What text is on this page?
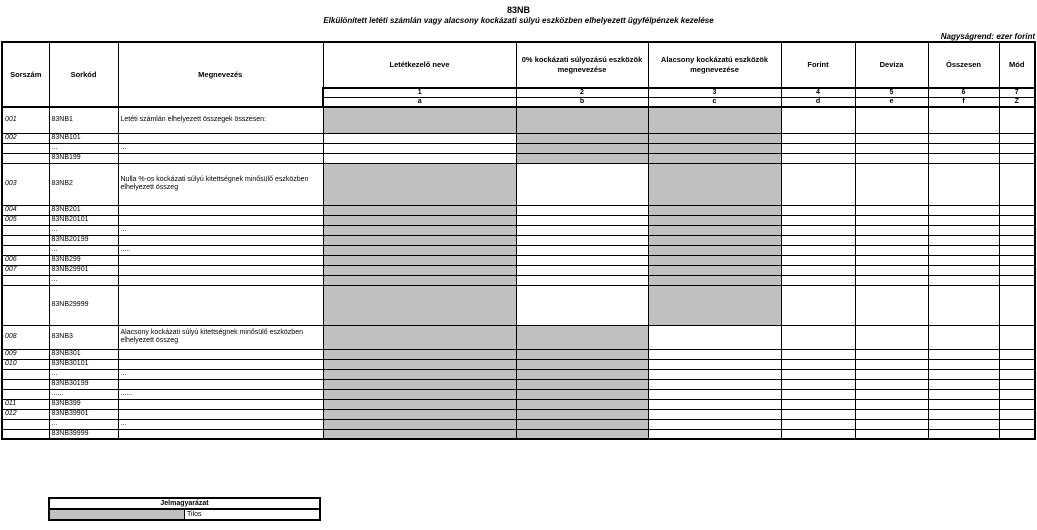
83NB
Elkülönített letéti számlán vagy alacsony kockázati súlyú eszközben elhelyezett ügyfélpénzek kezelése
Nagyságrend: ezer forint
Sorszám	Sorkód	Megnevezés	Letétkezelő neve	0% kockázati súlyozású eszközök megnevezése	Alacsony kockázatú eszközök megnevezése	Forint	Deviza	Összesen	Mód
			1	2	3	4	5	6	7
			a	b	c	d	e	f	Z
001	83NB1	Letéti számlán elhelyezett összegek összesen:							
002	83NB101								
	...	...							
	83NB199								
003	83NB2	Nulla %-os kockázati súlyú kitettségnek minősülő eszközben elhelyezett összeg							
004	83NB201								
005	83NB20101								
	...	...							
	83NB20199								
	...	.....							
006	83NB299								
007	83NB29901								
	...								
	83NB29999								
008	83NB3	Alacsony kockázati súlyú kitettségnek minősülő eszközben elhelyezett összeg							
009	83NB301								
010	83NB30101								
	...	...							
	83NB30199								
	......	......							
011	83NB399								
012	83NB39901								
	...	...							
	83NB39999								
Jelmagyarázat
	Tilos
